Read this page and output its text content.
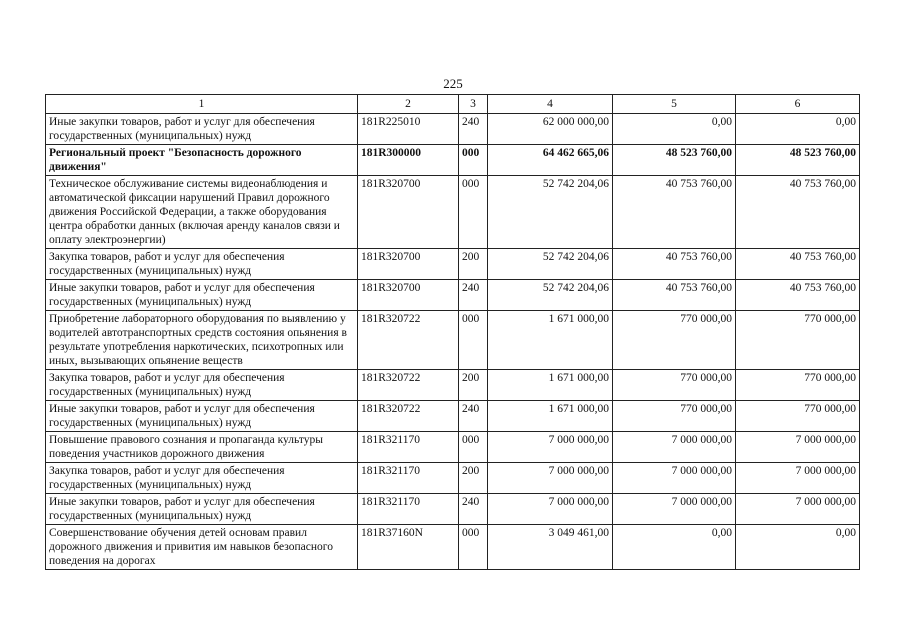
225
1	2	3	4	5	6
Иные закупки товаров, работ и услуг для обеспечения государственных (муниципальных) нужд	181R225010	240	62 000 000,00	0,00	0,00
Региональный проект "Безопасность дорожного движения"	181R300000	000	64 462 665,06	48 523 760,00	48 523 760,00
Техническое обслуживание системы видеонаблюдения и автоматической фиксации нарушений Правил дорожного движения Российской Федерации, а также оборудования центра обработки данных (включая аренду каналов связи и оплату электроэнергии)	181R320700	000	52 742 204,06	40 753 760,00	40 753 760,00
Закупка товаров, работ и услуг для обеспечения государственных (муниципальных) нужд	181R320700	200	52 742 204,06	40 753 760,00	40 753 760,00
Иные закупки товаров, работ и услуг для обеспечения государственных (муниципальных) нужд	181R320700	240	52 742 204,06	40 753 760,00	40 753 760,00
Приобретение лабораторного оборудования по выявлению у водителей автотранспортных средств состояния опьянения в результате употребления наркотических, психотропных или иных, вызывающих опьянение веществ	181R320722	000	1 671 000,00	770 000,00	770 000,00
Закупка товаров, работ и услуг для обеспечения государственных (муниципальных) нужд	181R320722	200	1 671 000,00	770 000,00	770 000,00
Иные закупки товаров, работ и услуг для обеспечения государственных (муниципальных) нужд	181R320722	240	1 671 000,00	770 000,00	770 000,00
Повышение правового сознания и пропаганда культуры поведения участников дорожного движения	181R321170	000	7 000 000,00	7 000 000,00	7 000 000,00
Закупка товаров, работ и услуг для обеспечения государственных (муниципальных) нужд	181R321170	200	7 000 000,00	7 000 000,00	7 000 000,00
Иные закупки товаров, работ и услуг для обеспечения государственных (муниципальных) нужд	181R321170	240	7 000 000,00	7 000 000,00	7 000 000,00
Совершенствование обучения детей основам правил дорожного движения и привития им навыков безопасного поведения на дорогах	181R37160N	000	3 049 461,00	0,00	0,00
